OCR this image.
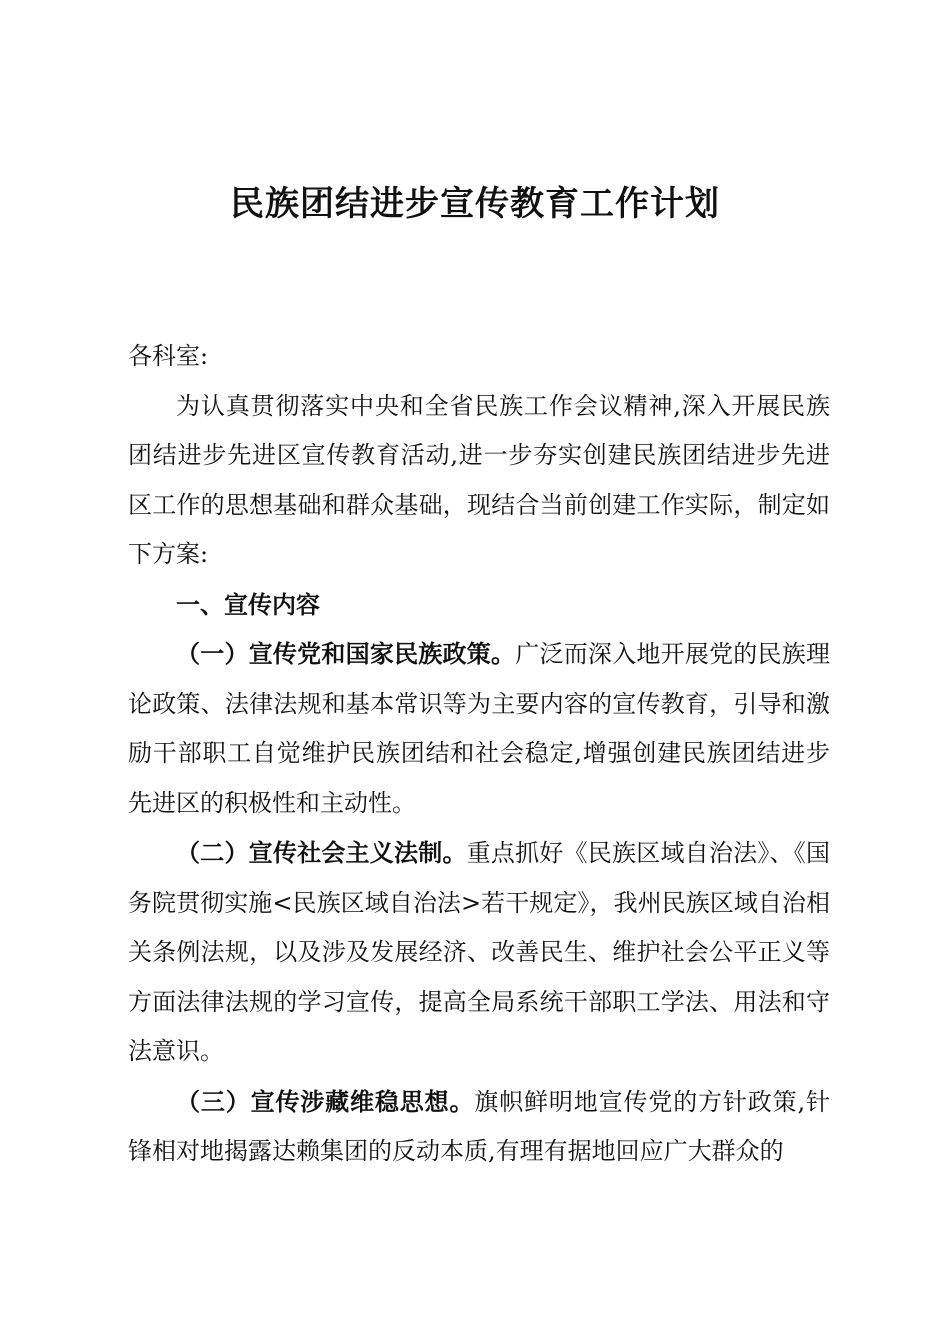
民族团结进步宣传教育工作计划

各科室:

为认真贯彻落实中央和全省民族工作会议精神,深入开展民族团结进步先进区宣传教育活动,进一步夯实创建民族团结进步先进区工作的思想基础和群众基础，现结合当前创建工作实际，制定如下方案:

一、宣传内容

（一）宣传党和国家民族政策。广泛而深入地开展党的民族理论政策、法律法规和基本常识等为主要内容的宣传教育，引导和激励干部职工自觉维护民族团结和社会稳定,增强创建民族团结进步先进区的积极性和主动性。

（二）宣传社会主义法制。重点抓好《民族区域自治法》、《国务院贯彻实施<民族区域自治法>若干规定》，我州民族区域自治相关条例法规，以及涉及发展经济、改善民生、维护社会公平正义等方面法律法规的学习宣传，提高全局系统干部职工学法、用法和守法意识。

（三）宣传涉藏维稳思想。旗帜鲜明地宣传党的方针政策,针锋相对地揭露达赖集团的反动本质,有理有据地回应广大群众的
